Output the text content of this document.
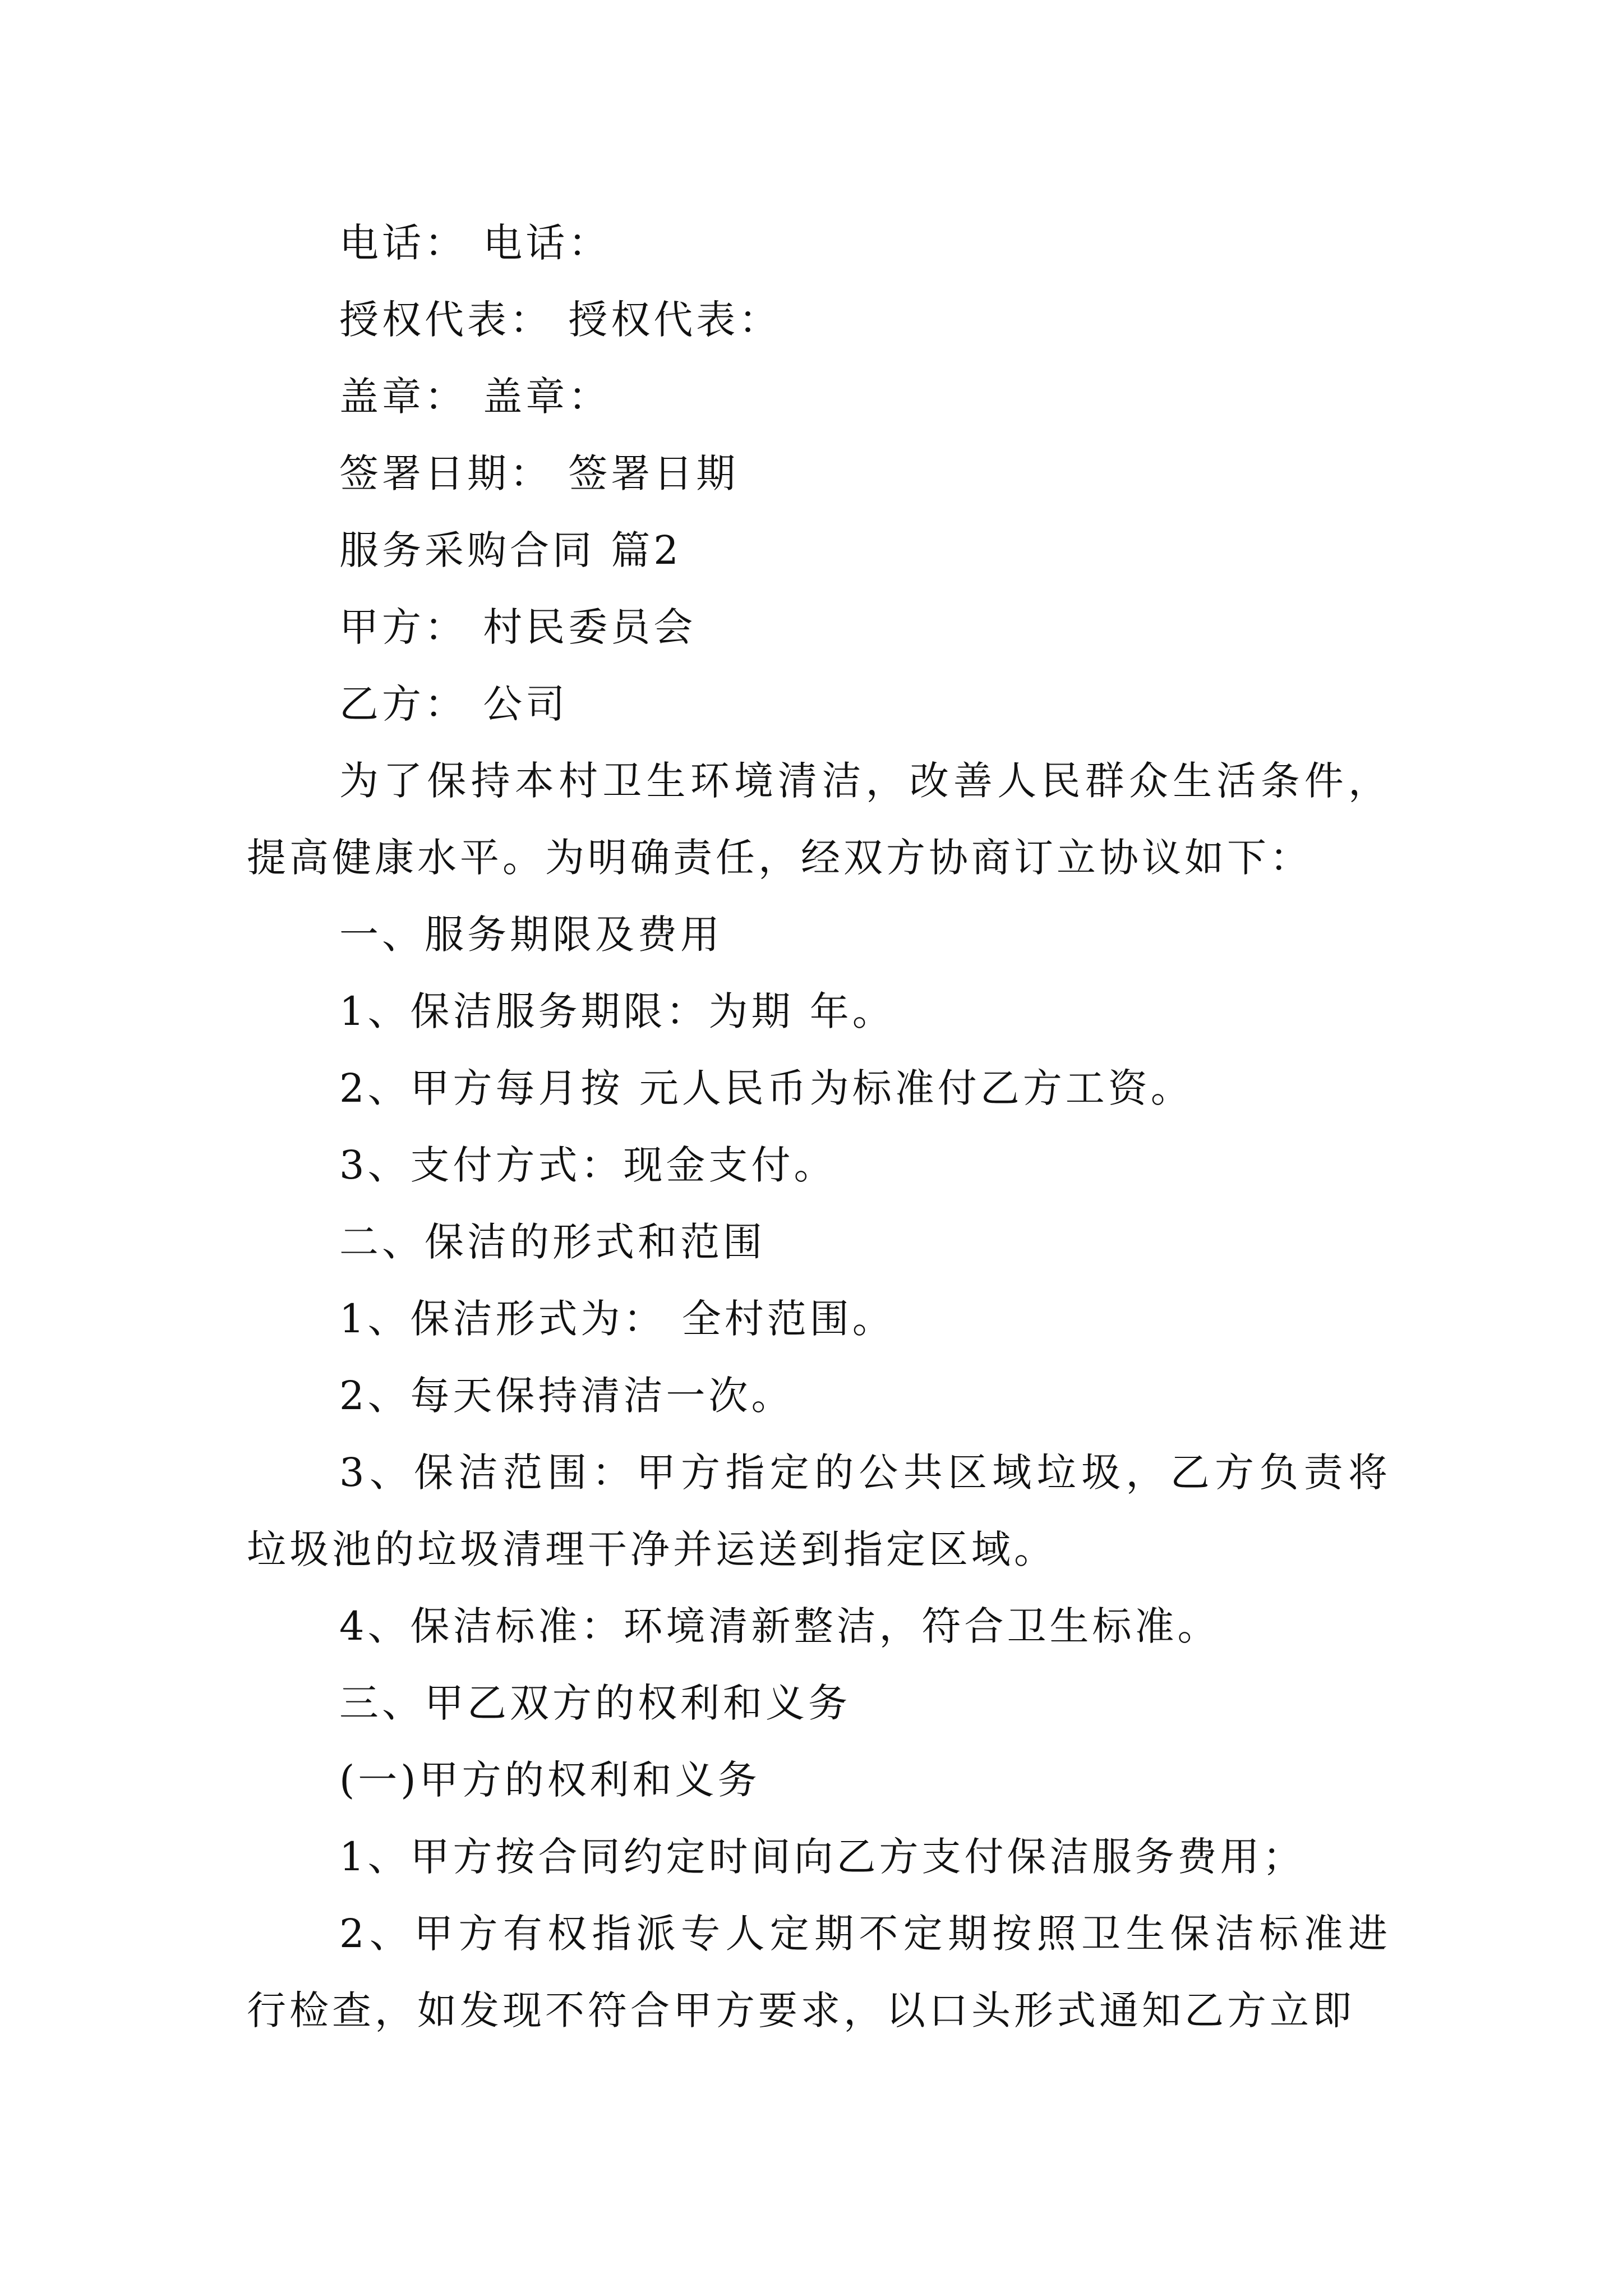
电话： 电话：
授权代表： 授权代表：
盖章： 盖章：
签署日期： 签署日期
服务采购合同 篇2
甲方： 村民委员会
乙方： 公司
为了保持本村卫生环境清洁，改善人民群众生活条件，
提高健康水平。为明确责任，经双方协商订立协议如下：
一、服务期限及费用
1、保洁服务期限：为期 年。
2、甲方每月按 元人民币为标准付乙方工资。
3、支付方式：现金支付。
二、保洁的形式和范围
1、保洁形式为： 全村范围。
2、每天保持清洁一次。
3、保洁范围：甲方指定的公共区域垃圾，乙方负责将
垃圾池的垃圾清理干净并运送到指定区域。
4、保洁标准：环境清新整洁，符合卫生标准。
三、甲乙双方的权利和义务
(一)甲方的权利和义务
1、甲方按合同约定时间向乙方支付保洁服务费用；
2、甲方有权指派专人定期不定期按照卫生保洁标准进
行检查，如发现不符合甲方要求，以口头形式通知乙方立即
